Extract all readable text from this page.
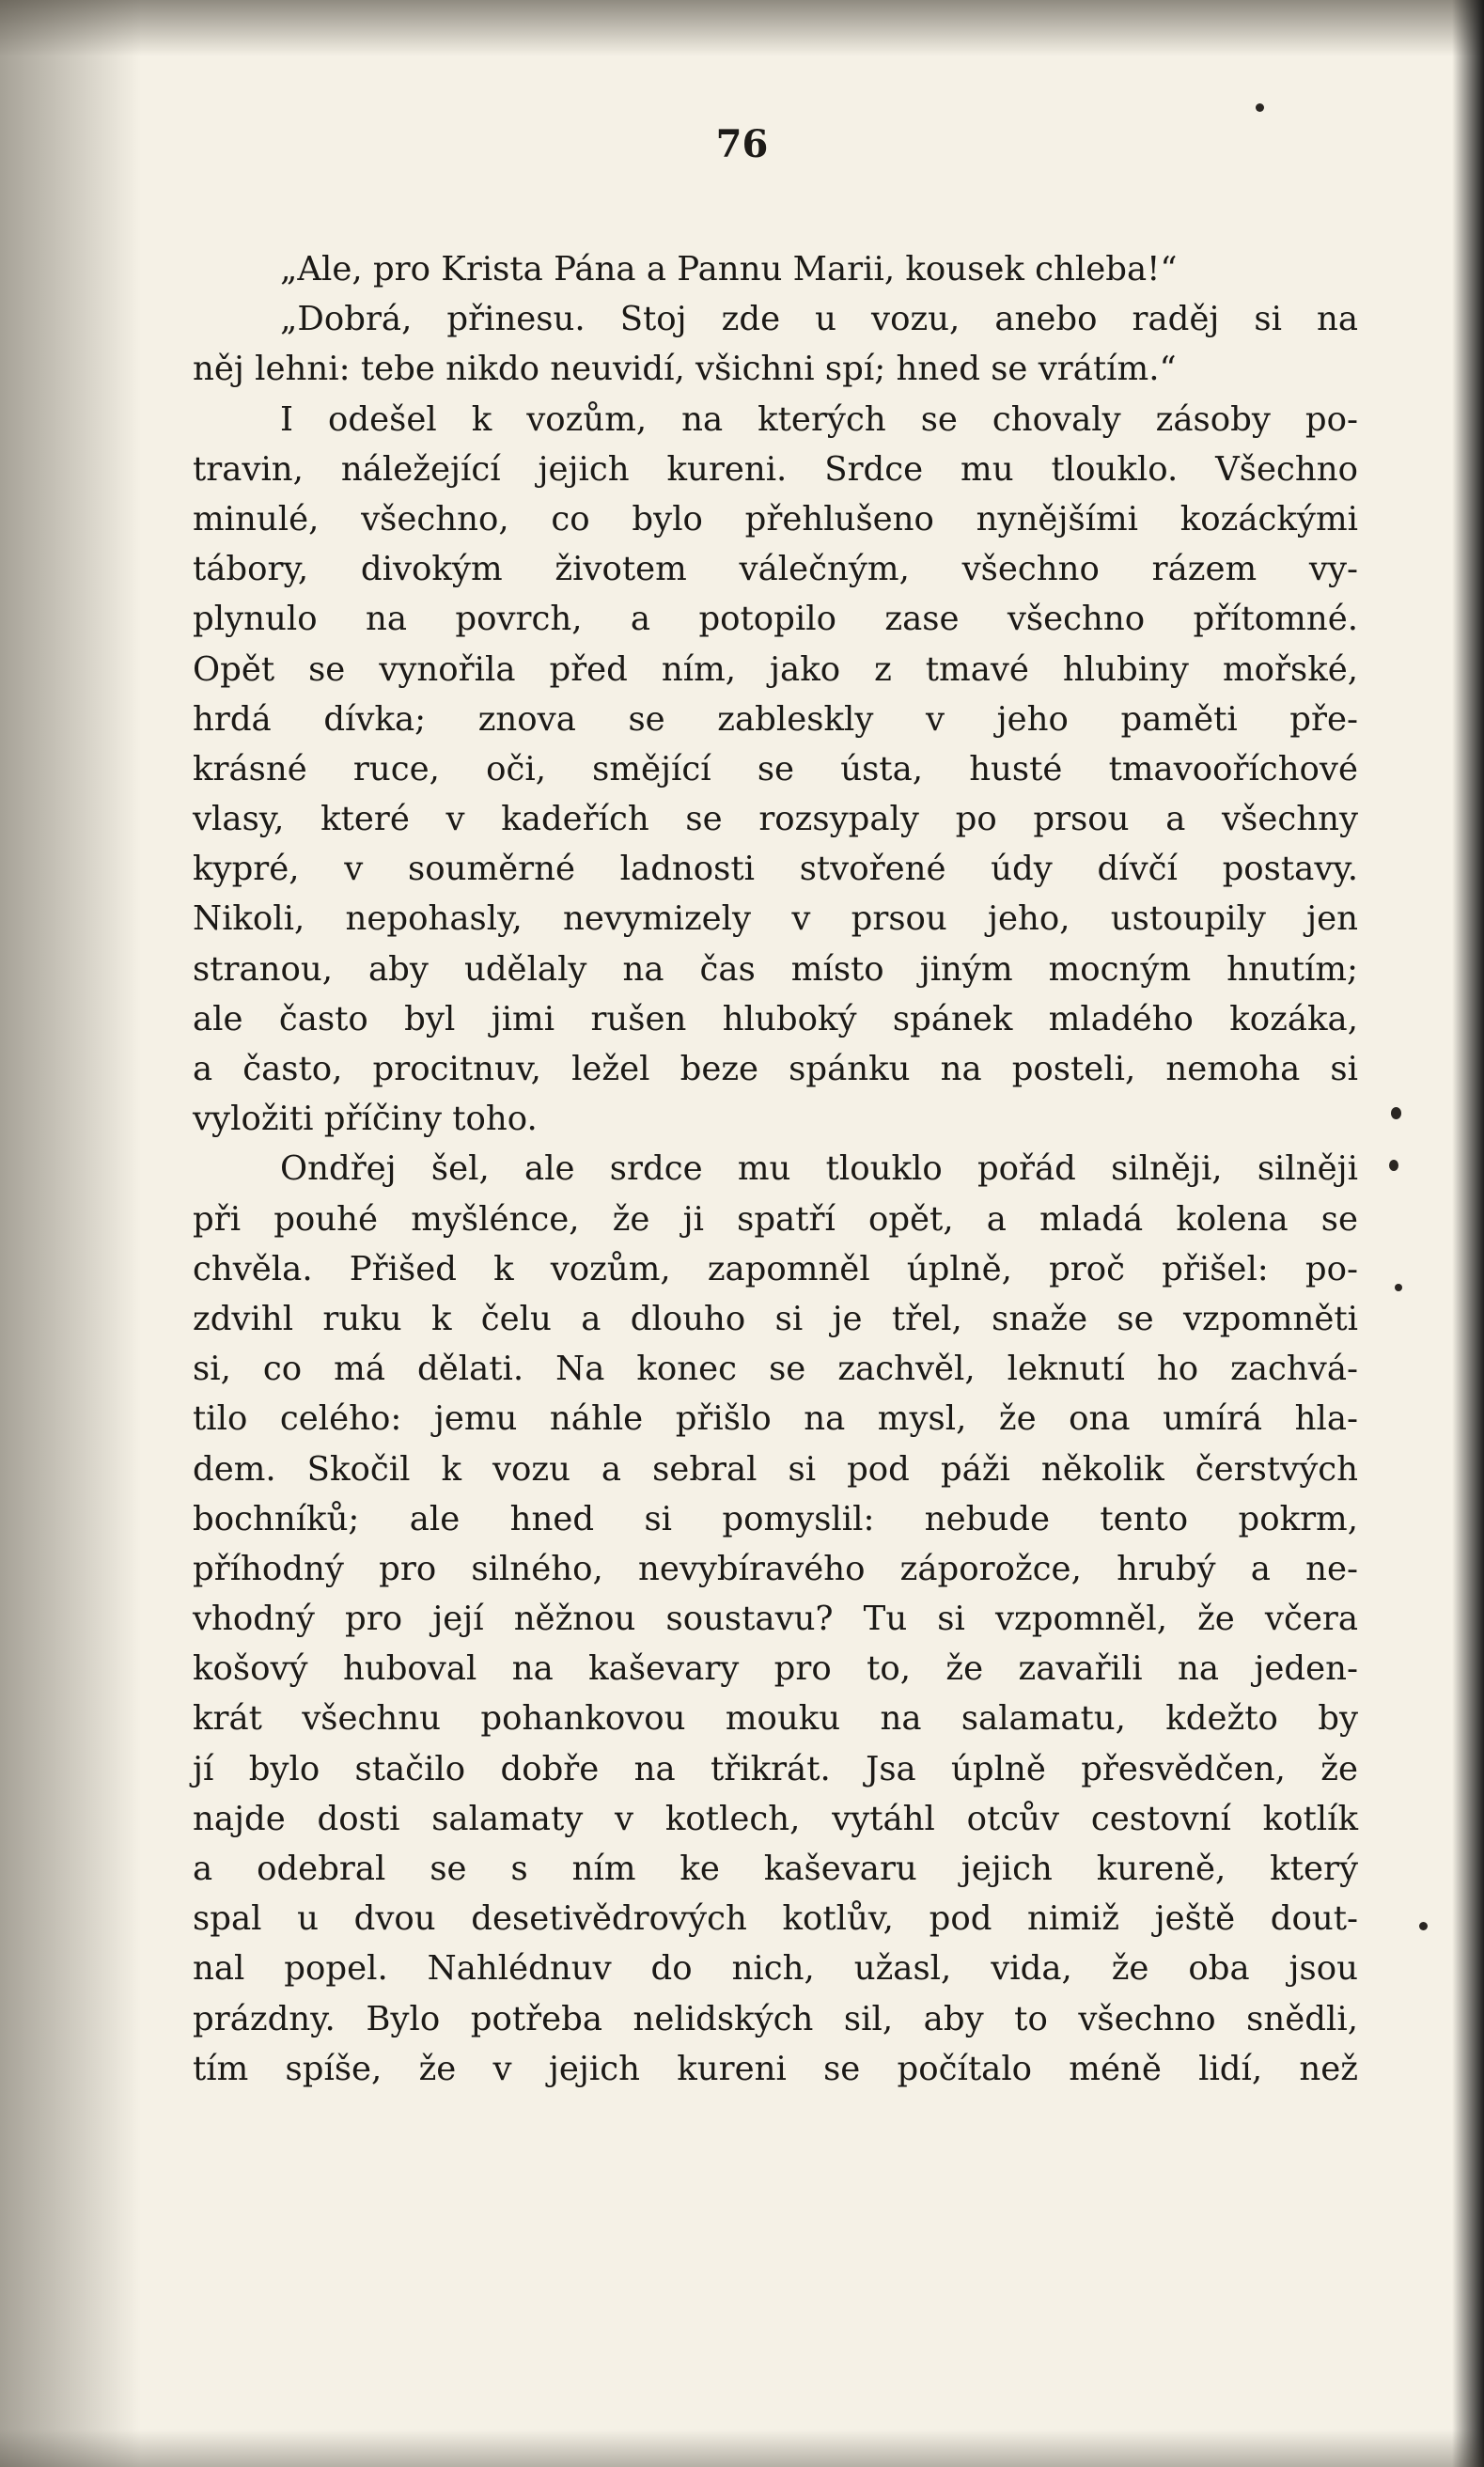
76
„Ale, pro Krista Pána a Pannu Marii, kousek chleba!“
„Dobrá, přinesu. Stoj zde u vozu, anebo raděj si na
něj lehni: tebe nikdo neuvidí, všichni spí; hned se vrátím.“
I odešel k vozům, na kterých se chovaly zásoby po-
travin, náležející jejich kureni. Srdce mu tlouklo. Všechno
minulé, všechno, co bylo přehlušeno nynějšími kozáckými
tábory, divokým životem válečným, všechno rázem vy-
plynulo na povrch, a potopilo zase všechno přítomné.
Opět se vynořila před ním, jako z tmavé hlubiny mořské,
hrdá dívka; znova se zableskly v jeho paměti pře-
krásné ruce, oči, smějící se ústa, husté tmavooříchové
vlasy, které v kadeřích se rozsypaly po prsou a všechny
kypré, v souměrné ladnosti stvořené údy dívčí postavy.
Nikoli, nepohasly, nevymizely v prsou jeho, ustoupily jen
stranou, aby udělaly na čas místo jiným mocným hnutím;
ale často byl jimi rušen hluboký spánek mladého kozáka,
a často, procitnuv, ležel beze spánku na posteli, nemoha si
vyložiti příčiny toho.
Ondřej šel, ale srdce mu tlouklo pořád silněji, silněji
při pouhé myšlénce, že ji spatří opět, a mladá kolena se
chvěla. Přišed k vozům, zapomněl úplně, proč přišel: po-
zdvihl ruku k čelu a dlouho si je třel, snaže se vzpomněti
si, co má dělati. Na konec se zachvěl, leknutí ho zachvá-
tilo celého: jemu náhle přišlo na mysl, že ona umírá hla-
dem. Skočil k vozu a sebral si pod páži několik čerstvých
bochníků; ale hned si pomyslil: nebude tento pokrm,
příhodný pro silného, nevybíravého záporožce, hrubý a ne-
vhodný pro její něžnou soustavu? Tu si vzpomněl, že včera
košový huboval na kaševary pro to, že zavařili na jeden-
krát všechnu pohankovou mouku na salamatu, kdežto by
jí bylo stačilo dobře na třikrát. Jsa úplně přesvědčen, že
najde dosti salamaty v kotlech, vytáhl otcův cestovní kotlík
a odebral se s ním ke kaševaru jejich kureně, který
spal u dvou desetivědrových kotlův, pod nimiž ještě dout-
nal popel. Nahlédnuv do nich, užasl, vida, že oba jsou
prázdny. Bylo potřeba nelidských sil, aby to všechno snědli,
tím spíše, že v jejich kureni se počítalo méně lidí, než
